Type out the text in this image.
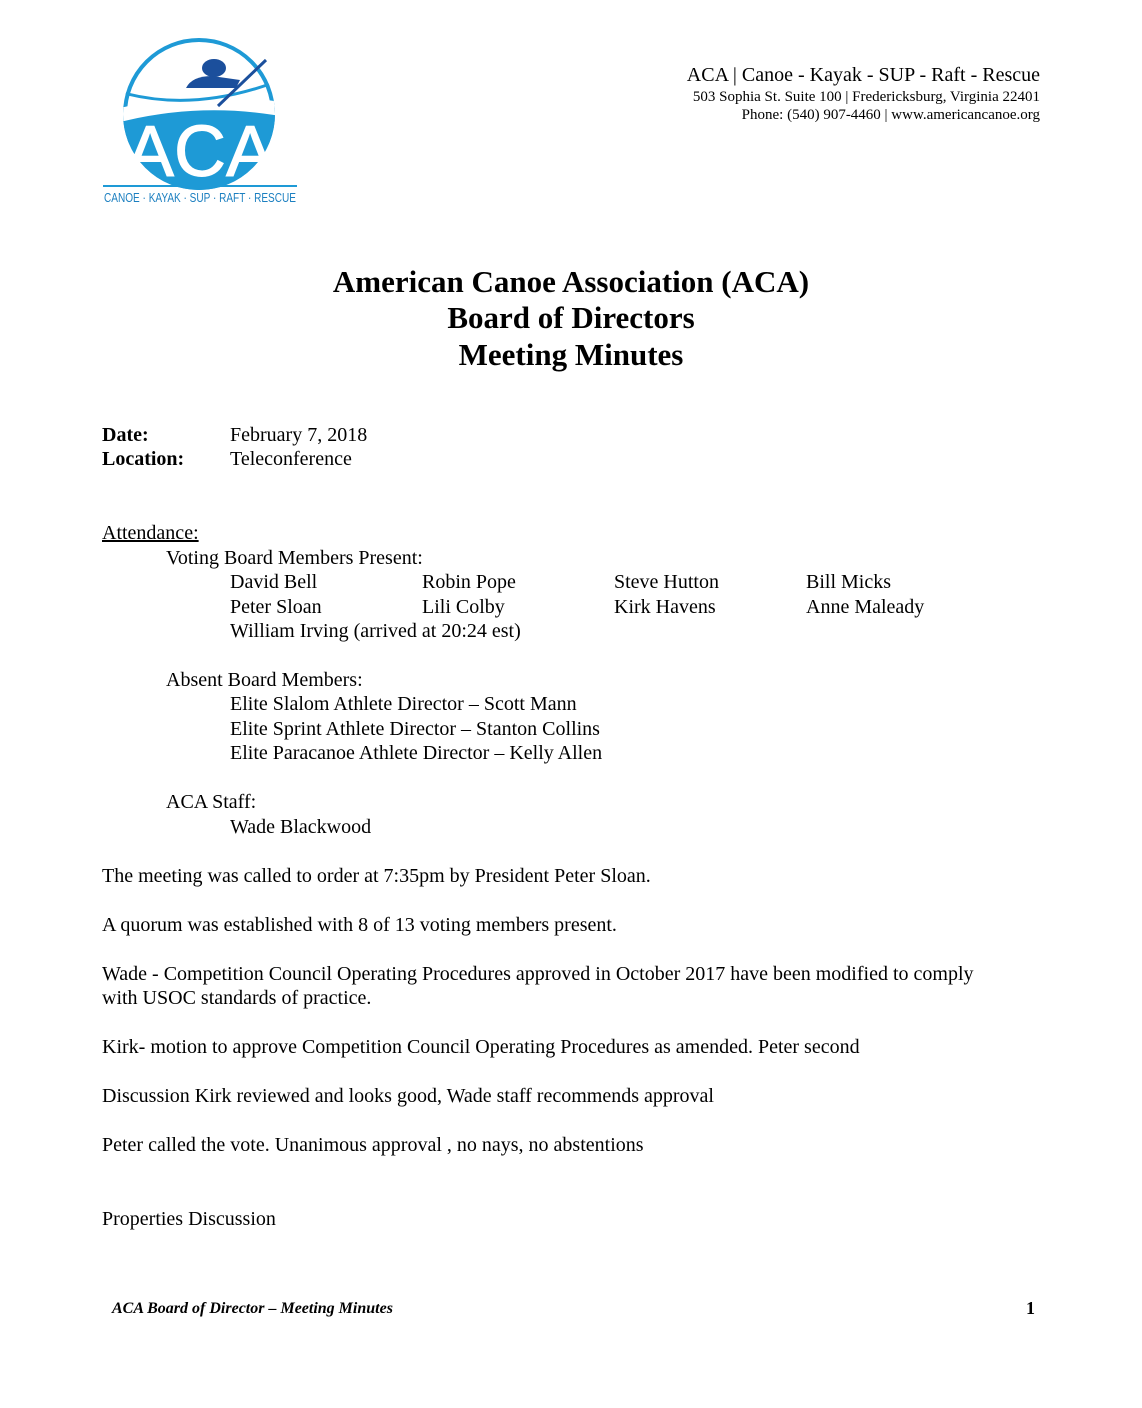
ACA
CANOE · KAYAK · SUP · RAFT · RESCUE
ACA | Canoe - Kayak - SUP - Raft - Rescue
503 Sophia St. Suite 100 | Fredericksburg, Virginia 22401
Phone: (540) 907-4460 | www.americancanoe.org
American Canoe Association (ACA)
Board of Directors
Meeting Minutes
Date:	February 7, 2018
Location: Teleconference
Attendance:
Voting Board Members Present:
David Bell	Robin Pope	Steve Hutton	Bill Micks
Peter Sloan	Lili Colby	Kirk Havens	Anne Maleady
William Irving (arrived at 20:24 est)
Absent Board Members:
Elite Slalom Athlete Director – Scott Mann
Elite Sprint Athlete Director – Stanton Collins
Elite Paracanoe Athlete Director – Kelly Allen
ACA Staff:
Wade Blackwood
The meeting was called to order at 7:35pm by President Peter Sloan.
A quorum was established with 8 of 13 voting members present.
Wade - Competition Council Operating Procedures approved in October 2017 have been modified to comply
with USOC standards of practice.
Kirk- motion to approve Competition Council Operating Procedures as amended. Peter second
Discussion Kirk reviewed and looks good, Wade staff recommends approval
Peter called the vote. Unanimous approval , no nays, no abstentions
Properties Discussion
ACA Board of Director – Meeting Minutes	1
